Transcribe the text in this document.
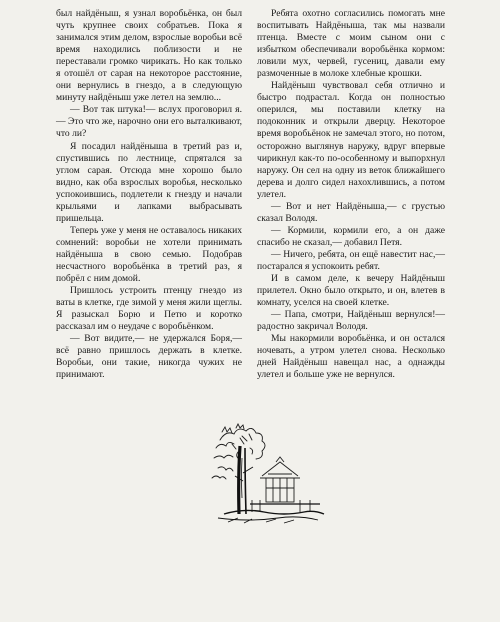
был найдёныш, я узнал воробьёнка, он был чуть крупнее своих собратьев. Пока я занимался этим делом, взрослые воробьи всё время находились поблизости и не переставали громко чирикать. Но как только я отошёл от сарая на некоторое расстояние, они вернулись в гнездо, а в следующую минуту найдёныш уже летел на землю...

— Вот так штука!— вслух проговорил я.— Это что же, нарочно они его выталкивают, что ли?

Я посадил найдёныша в третий раз и, спустившись по лестнице, спрятался за углом сарая. Отсюда мне хорошо было видно, как оба взрослых воробья, несколько успокоившись, подлетели к гнезду и начали крыльями и лапками выбрасывать пришельца.

Теперь уже у меня не оставалось никаких сомнений: воробьи не хотели принимать найдёныша в свою семью. Подобрав несчастного воробьёнка в третий раз, я побрёл с ним домой.

Пришлось устроить птенцу гнездо из ваты в клетке, где зимой у меня жили щеглы. Я разыскал Борю и Петю и коротко рассказал им о неудаче с воробьёнком.

— Вот видите,— не удержался Боря,— всё равно пришлось держать в клетке. Воробьи, они такие, никогда чужих не принимают.

Ребята охотно согласились помогать мне воспитывать Найдёныша, так мы назвали птенца. Вместе с моим сыном они с избытком обеспечивали воробьёнка кормом: ловили мух, червей, гусениц, давали ему размоченные в молоке хлебные крошки.

Найдёныш чувствовал себя отлично и быстро подрастал. Когда он полностью оперился, мы поставили клетку на подоконник и открыли дверцу. Некоторое время воробьёнок не замечал этого, но потом, осторожно выглянув наружу, вдруг впервые чирикнул как-то по-особенному и выпорхнул наружу. Он сел на одну из веток ближайшего дерева и долго сидел нахохлившись, а потом улетел.

— Вот и нет Найдёныша,— с грустью сказал Володя.

— Кормили, кормили его, а он даже спасибо не сказал,— добавил Петя.

— Ничего, ребята, он ещё навестит нас,— постарался я успокоить ребят.

И в самом деле, к вечеру Найдёныш прилетел. Окно было открыто, и он, влетев в комнату, уселся на своей клетке.

— Папа, смотри, Найдёныш вернулся!— радостно закричал Володя.

Мы накормили воробьёнка, и он остался ночевать, а утром улетел снова. Несколько дней Найдёныш навещал нас, а однажды улетел и больше уже не вернулся.
